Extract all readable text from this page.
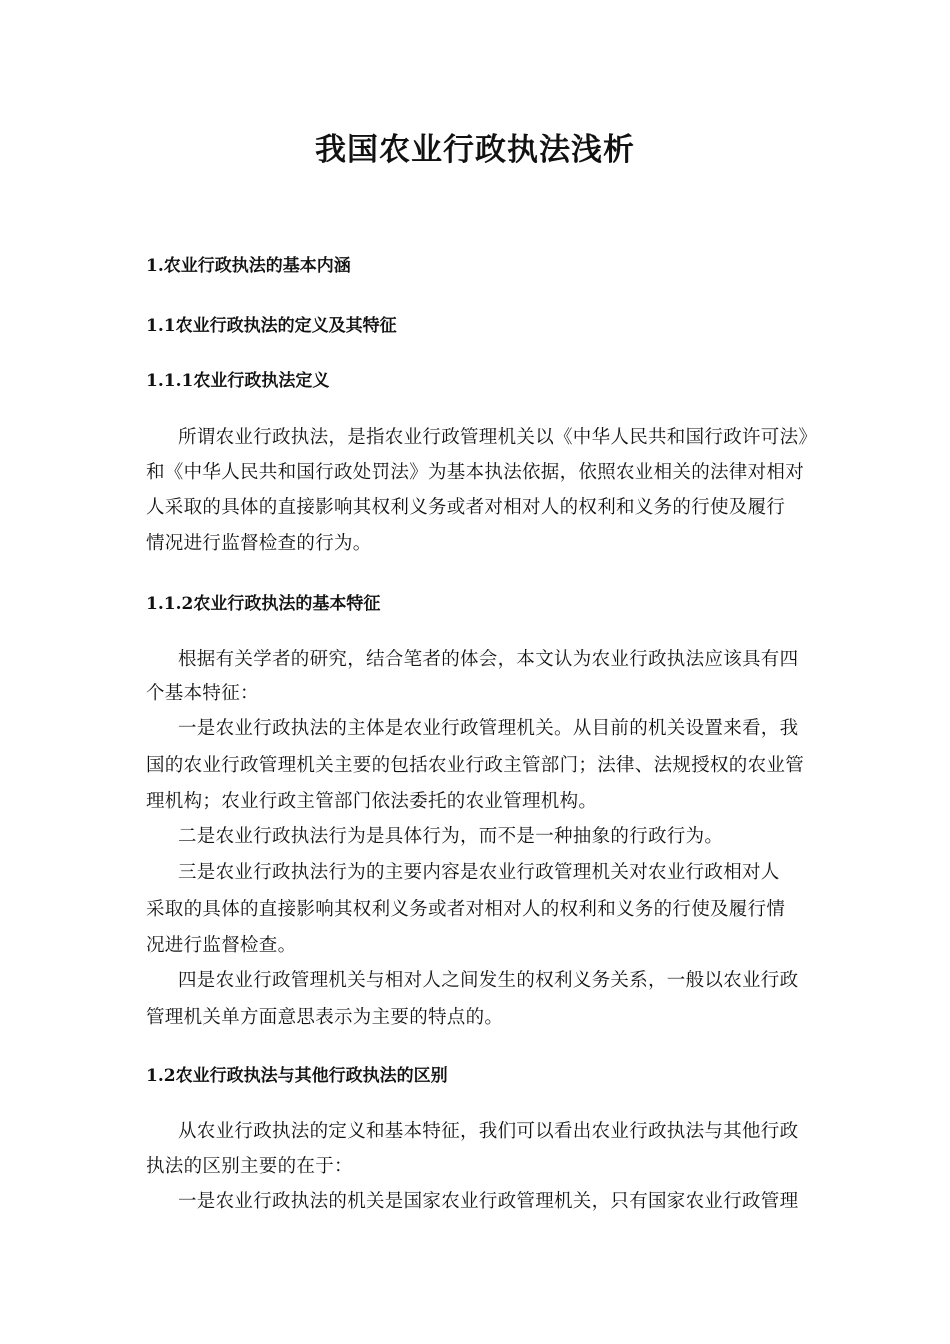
我国农业行政执法浅析
1.农业行政执法的基本内涵
1.1农业行政执法的定义及其特征
1.1.1农业行政执法定义
所谓农业行政执法，是指农业行政管理机关以《中华人民共和国行政许可法》
和《中华人民共和国行政处罚法》为基本执法依据，依照农业相关的法律对相对
人采取的具体的直接影响其权利义务或者对相对人的权利和义务的行使及履行
情况进行监督检查的行为。
1.1.2农业行政执法的基本特征
根据有关学者的研究，结合笔者的体会，本文认为农业行政执法应该具有四
个基本特征：
一是农业行政执法的主体是农业行政管理机关。从目前的机关设置来看，我
国的农业行政管理机关主要的包括农业行政主管部门；法律、法规授权的农业管
理机构；农业行政主管部门依法委托的农业管理机构。
二是农业行政执法行为是具体行为，而不是一种抽象的行政行为。
三是农业行政执法行为的主要内容是农业行政管理机关对农业行政相对人
采取的具体的直接影响其权利义务或者对相对人的权利和义务的行使及履行情
况进行监督检查。
四是农业行政管理机关与相对人之间发生的权利义务关系，一般以农业行政
管理机关单方面意思表示为主要的特点的。
1.2农业行政执法与其他行政执法的区别
从农业行政执法的定义和基本特征，我们可以看出农业行政执法与其他行政
执法的区别主要的在于：
一是农业行政执法的机关是国家农业行政管理机关，只有国家农业行政管理
